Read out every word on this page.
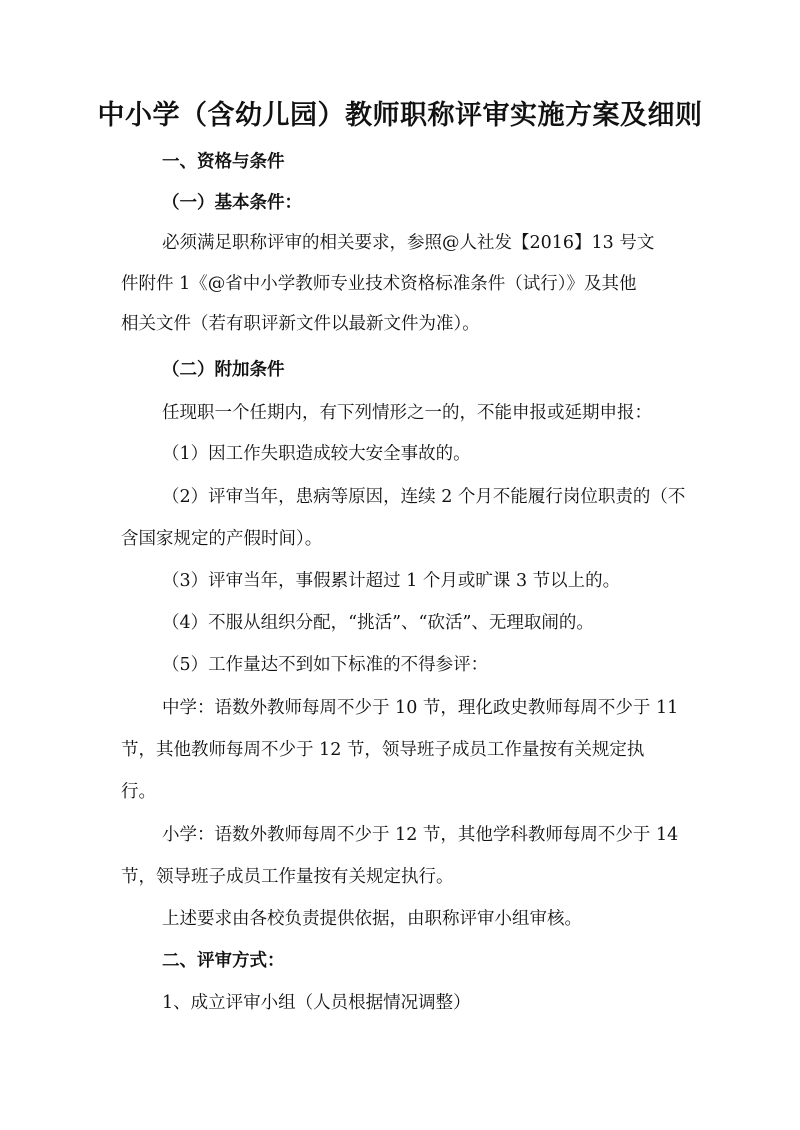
中小学（含幼儿园）教师职称评审实施方案及细则
一、资格与条件
（一）基本条件：
必须满足职称评审的相关要求，参照@人社发【2016】13 号文
件附件 1《@省中小学教师专业技术资格标准条件（试行）》及其他
相关文件（若有职评新文件以最新文件为准）。
（二）附加条件
任现职一个任期内，有下列情形之一的，不能申报或延期申报：
（1）因工作失职造成较大安全事故的。
（2）评审当年，患病等原因，连续 2 个月不能履行岗位职责的（不
含国家规定的产假时间）。
（3）评审当年，事假累计超过 1 个月或旷课 3 节以上的。
（4）不服从组织分配，“挑活”、“砍活”、无理取闹的。
（5）工作量达不到如下标准的不得参评：
中学：语数外教师每周不少于 10 节，理化政史教师每周不少于 11
节，其他教师每周不少于 12 节，领导班子成员工作量按有关规定执
行。
小学：语数外教师每周不少于 12 节，其他学科教师每周不少于 14
节，领导班子成员工作量按有关规定执行。
上述要求由各校负责提供依据，由职称评审小组审核。
二、评审方式：
1、成立评审小组（人员根据情况调整）
